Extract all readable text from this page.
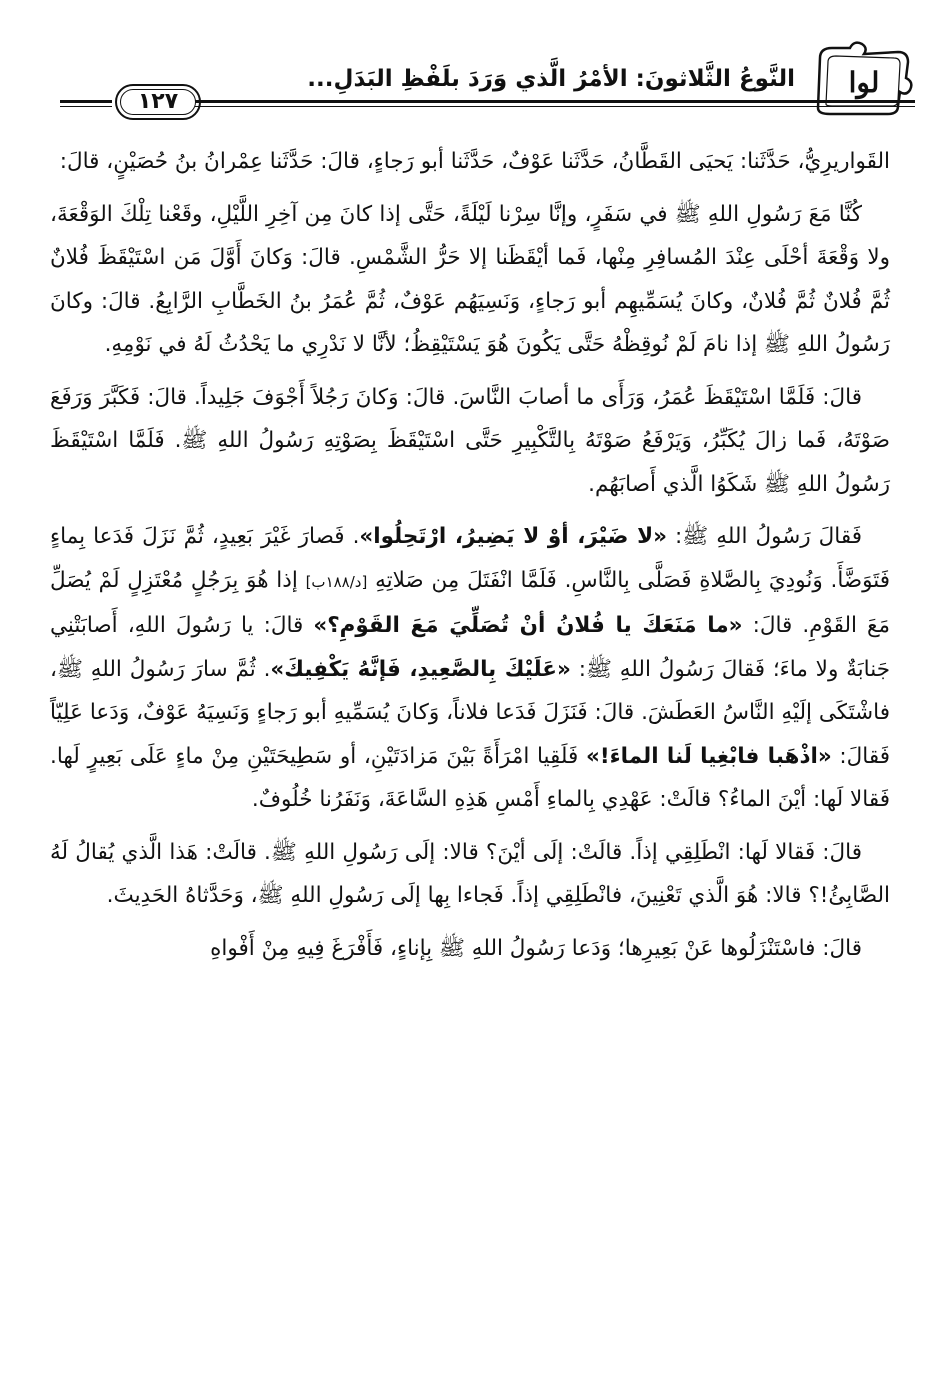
لوا
النَّوعُ الثَّلاثونَ: الأمْرُ الَّذي وَرَدَ بلَفْظِ البَدَلِ...
١٢٧

القَواريرِيُّ، حَدَّثَنا: يَحيَى القَطَّانُ، حَدَّثَنا عَوْفٌ، حَدَّثَنا أبو رَجاءٍ، قالَ: حَدَّثَنا عِمْرانُ بنُ حُصَيْنٍ، قالَ:

كُنَّا مَعَ رَسُولِ اللهِ ﷺ في سَفَرٍ، وإنَّا سِرْنا لَيْلَةً، حَتَّى إذا كانَ مِن آخِرِ اللَّيْلِ، وقَعْنا تِلْكَ الوَقْعَةَ، ولا وَقْعَةَ أحْلَى عِنْدَ المُسافِرِ مِنْها، فَما أيْقَظَنا إلا حَرُّ الشَّمْسِ. قالَ: وَكانَ أَوَّلَ مَن اسْتَيْقَظَ فُلانٌ ثُمَّ فُلانٌ ثُمَّ فُلانٌ، وكانَ يُسَمِّيهِم أبو رَجاءٍ، وَنَسِيَهُم عَوْفٌ، ثُمَّ عُمَرُ بنُ الخَطَّابِ الرَّابِعُ. قالَ: وكانَ رَسُولُ اللهِ ﷺ إذا نامَ لَمْ نُوقِظْهُ حَتَّى يَكُونَ هُوَ يَسْتَيْقِظُ؛ لأنَّا لا نَدْرِي ما يَحْدُثُ لَهُ في نَوْمِهِ.

قالَ: فَلَمَّا اسْتَيْقَظَ عُمَرُ، وَرَأَى ما أصابَ النَّاسَ. قالَ: وَكانَ رَجُلاً أَجْوَفَ جَلِيداً. قالَ: فَكَبَّرَ وَرَفَعَ صَوْتَهُ، فَما زالَ يُكَبِّرُ، وَيَرْفَعُ صَوْتَهُ بِالتَّكْبِيرِ حَتَّى اسْتَيْقَظَ بِصَوْتِهِ رَسُولُ اللهِ ﷺ. فَلَمَّا اسْتَيْقَظَ رَسُولُ اللهِ ﷺ شَكَوُا الَّذي أَصابَهُم.

فَقالَ رَسُولُ اللهِ ﷺ: «لا ضَيْرَ، أوْ لا يَضِيرُ، ارْتَحِلُوا». فَصارَ غَيْرَ بَعِيدٍ، ثُمَّ نَزَلَ فَدَعا بِماءٍ فَتَوَضَّأَ. وَنُودِيَ بِالصَّلاةِ فَصَلَّى بِالنَّاسِ. فَلَمَّا انْفَتَلَ مِن صَلاتِهِ [د/١٨٨ب] إذا هُوَ بِرَجُلٍ مُعْتَزِلٍ لَمْ يُصَلِّ مَعَ القَوْمِ. قالَ: «ما مَنَعَكَ يا فُلانُ أنْ تُصَلِّيَ مَعَ القَوْمِ؟» قالَ: يا رَسُولَ اللهِ، أَصابَتْنِي جَنابَةٌ ولا ماءَ؛ فَقالَ رَسُولُ اللهِ ﷺ: «عَلَيْكَ بِالصَّعِيدِ، فَإنَّهُ يَكْفِيكَ». ثُمَّ سارَ رَسُولُ اللهِ ﷺ، فاشْتَكَى إلَيْهِ النَّاسُ العَطَشَ. قالَ: فَنَزَلَ فَدَعا فلاناً، وَكانَ يُسَمِّيهِ أبو رَجاءٍ وَنَسِيَهُ عَوْفٌ، وَدَعا عَلِيّاً فَقالَ: «اذْهَبا فابْغِيا لَنا الماءَ!» فَلَقِيا امْرَأَةً بَيْنَ مَزادَتَيْنِ، أو سَطِيحَتَيْنِ مِنْ ماءٍ عَلَى بَعِيرٍ لَها. فَقالا لَها: أيْنَ الماءُ؟ قالَتْ: عَهْدِي بِالماءِ أَمْسِ هَذِهِ السَّاعَةَ، وَنَفَرُنا خُلُوفٌ.

قالَ: فَقالا لَها: انْطَلِقِي إذاً. قالَتْ: إلَى أيْنَ؟ قالا: إلَى رَسُولِ اللهِ ﷺ. قالَتْ: هَذا الَّذي يُقالُ لَهُ الصَّابِئُ!؟ قالا: هُوَ الَّذي تَعْنِينَ، فانْطَلِقِي إذاً. فَجاءا بِها إلَى رَسُولِ اللهِ ﷺ، وَحَدَّثاهُ الحَدِيثَ.

قالَ: فاسْتَنْزَلُوها عَنْ بَعِيرِها؛ وَدَعا رَسُولُ اللهِ ﷺ بِإناءٍ، فَأَفْرَغَ فِيهِ مِنْ أَفْواهِ
